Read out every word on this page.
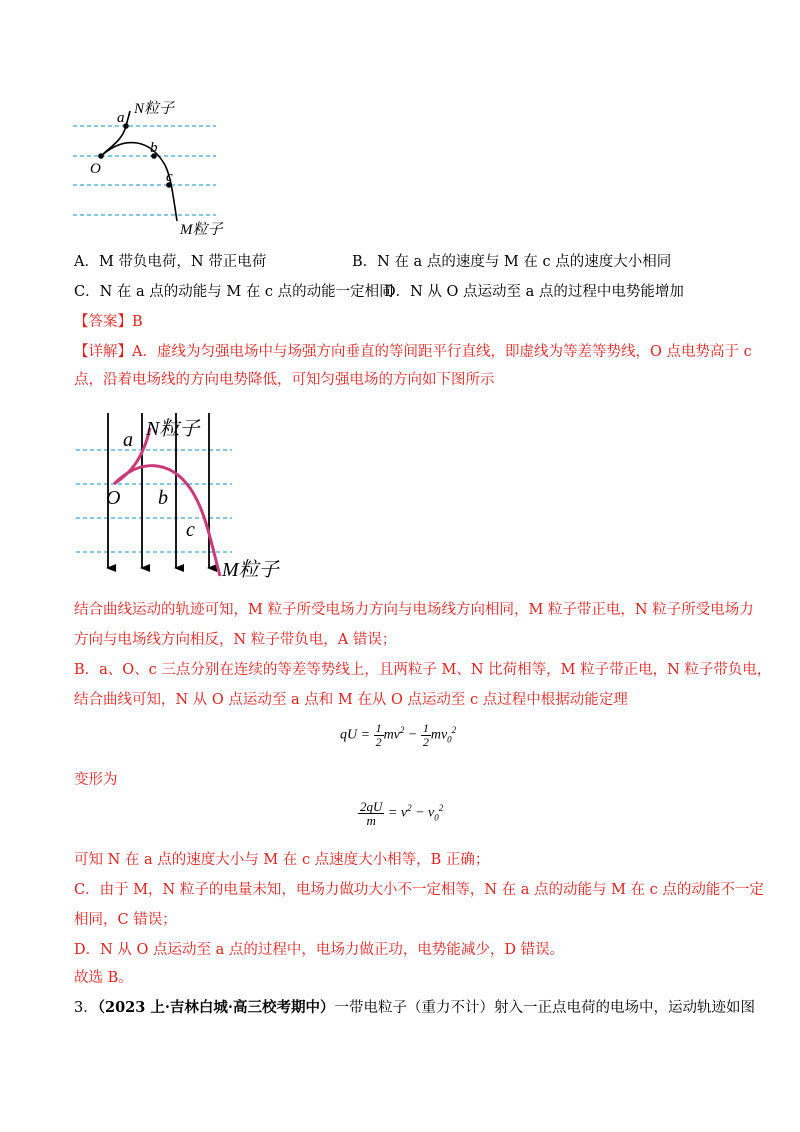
a
N粒子
O
b
c
M粒子
A．M 带负电荷，N 带正电荷	B．N 在 a 点的速度与 M 在 c 点的速度大小相同
C．N 在 a 点的动能与 M 在 c 点的动能一定相同
D．N 从 O 点运动至 a 点的过程中电势能增加
【答案】B
【详解】A．虚线为匀强电场中与场强方向垂直的等间距平行直线，即虚线为等差等势线，O 点电势高于 c
点，沿着电场线的方向电势降低，可知匀强电场的方向如下图所示
a N粒子
O b
c
M粒子
结合曲线运动的轨迹可知，M 粒子所受电场力方向与电场线方向相同，M 粒子带正电，N 粒子所受电场力
方向与电场线方向相反，N 粒子带负电，A 错误；
B．a、O、c 三点分别在连续的等差等势线上，且两粒子 M、N 比荷相等，M 粒子带正电，N 粒子带负电，
结合曲线可知，N 从 O 点运动至 a 点和 M 在从 O 点运动至 c 点过程中根据动能定理
qU = $\frac{1}{2} mv^2 - \frac{1}{2} mv_0^2$
变形为
$\frac{2qU}{m} = v^2 - v_0^2$
可知 N 在 a 点的速度大小与 M 在 c 点速度大小相等，B 正确；
C．由于 M，N 粒子的电量未知，电场力做功大小不一定相等，N 在 a 点的动能与 M 在 c 点的动能不一定
相同，C 错误；
D．N 从 O 点运动至 a 点的过程中，电场力做正功，电势能减少，D 错误。
故选 B。
3．（2023 上·吉林白城·高三校考期中）一带电粒子（重力不计）射入一正点电荷的电场中，运动轨迹如图
